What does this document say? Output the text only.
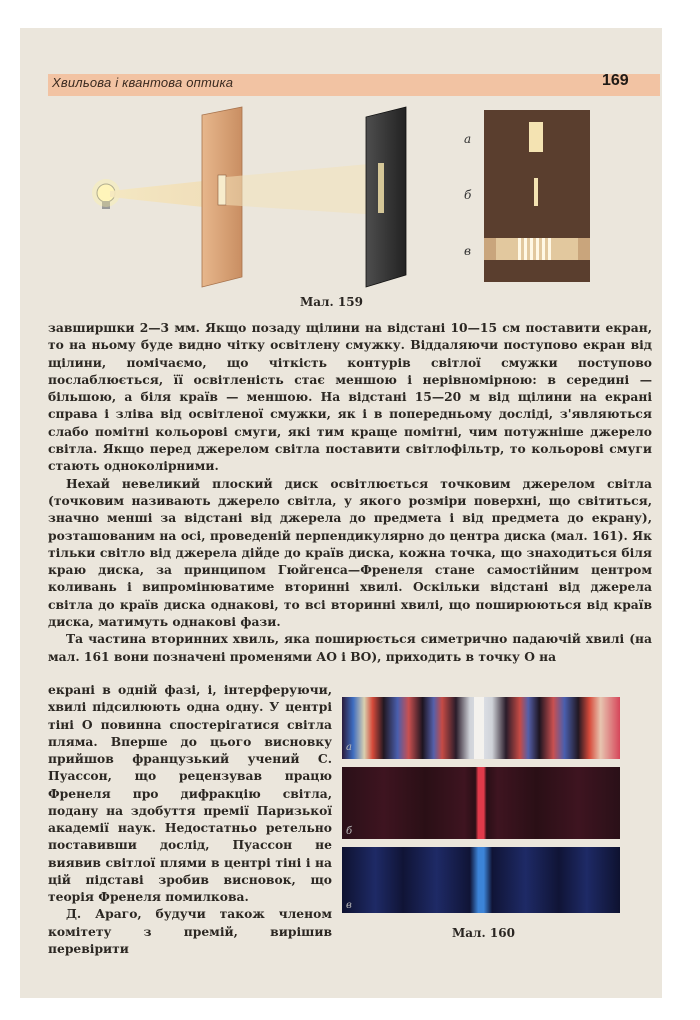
Хвильова і квантова оптика	169
а
б
в
Мал. 159

завширшки 2—3 мм. Якщо позаду щілини на відстані 10—15 см поставити екран, то на ньому буде видно чітку освітлену смужку. Віддаляючи поступово екран від щілини, помічаємо, що чіткість контурів світлої смужки поступово послаблюється, її освітленість стає меншою і нерівномірною: в середині — більшою, а біля країв — меншою. На відстані 15—20 м від щілини на екрані справа і зліва від освітленої смужки, як і в попередньому досліді, з'являються слабо помітні кольорові смуги, які тим краще помітні, чим потужніше джерело світла. Якщо перед джерелом світла поставити світлофільтр, то кольорові смуги стають одноколірними.

Нехай невеликий плоский диск освітлюється точковим джерелом світла (точковим називають джерело світла, у якого розміри поверхні, що світиться, значно менші за відстані від джерела до предмета і від предмета до екрану), розташованим на осі, проведеній перпендикулярно до центра диска (мал. 161). Як тільки світло від джерела дійде до країв диска, кожна точка, що знаходиться біля краю диска, за принципом Гюйгенса—Френеля стане самостійним центром коливань і випромінюватиме вторинні хвилі. Оскільки відстані від джерела світла до країв диска однакові, то всі вторинні хвилі, що поширюються від країв диска, матимуть однакові фази.

Та частина вторинних хвиль, яка поширюється симетрично падаючій хвилі (на мал. 161 вони позначені променями АО і ВО), приходить в точку О на

екрані в одній фазі, і, інтерферуючи, хвилі підсилюють одна одну. У центрі тіні О повинна спостерігатися світла пляма. Вперше до цього висновку прийшов французький учений С. Пуассон, що рецензував працю Френеля про дифракцію світла, подану на здобуття премії Паризької академії наук. Недостатньо ретельно поставивши дослід, Пуассон не виявив світлої плями в центрі тіні і на цій підставі зробив висновок, що теорія Френеля помилкова.

Д. Араго, будучи також членом комітету з премій, вирішив перевірити

а
б
в
Мал. 160
